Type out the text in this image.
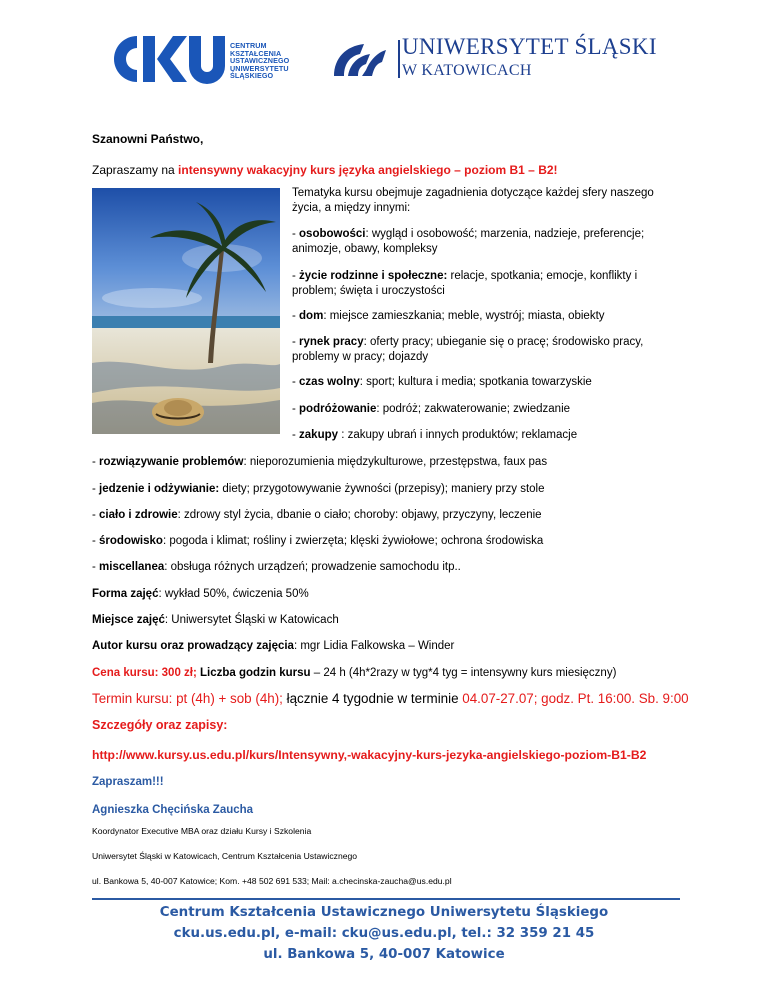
CENTRUM
KSZTAŁCENIA
USTAWICZNEGO
UNIWERSYTETU
ŚLĄSKIEGO
UNIWERSYTET ŚLĄSKI
W KATOWICACH
Szanowni Państwo,
Zapraszamy na intensywny wakacyjny kurs języka angielskiego – poziom B1 – B2!
Tematyka kursu obejmuje zagadnienia dotyczące każdej sfery naszego życia, a między innymi:
- osobowości: wygląd i osobowość; marzenia, nadzieje, preferencje; animozje, obawy, kompleksy
- życie rodzinne i społeczne: relacje, spotkania; emocje, konflikty i problem; święta i uroczystości
- dom: miejsce zamieszkania; meble, wystrój; miasta, obiekty
- rynek pracy: oferty pracy; ubieganie się o pracę; środowisko pracy, problemy w pracy; dojazdy
- czas wolny: sport; kultura i media; spotkania towarzyskie
- podróżowanie: podróż; zakwaterowanie; zwiedzanie
- zakupy : zakupy ubrań i innych produktów; reklamacje
- rozwiązywanie problemów: nieporozumienia międzykulturowe, przestępstwa, faux pas
- jedzenie i odżywianie: diety; przygotowywanie żywności (przepisy); maniery przy stole
- ciało i zdrowie: zdrowy styl życia, dbanie o ciało; choroby: objawy, przyczyny, leczenie
- środowisko: pogoda i klimat; rośliny i zwierzęta; klęski żywiołowe; ochrona środowiska
- miscellanea: obsługa różnych urządzeń; prowadzenie samochodu itp..
Forma zajęć: wykład 50%, ćwiczenia 50%
Miejsce zajęć: Uniwersytet Śląski w Katowicach
Autor kursu oraz prowadzący zajęcia: mgr Lidia Falkowska – Winder
Cena kursu: 300 zł; Liczba godzin kursu – 24 h (4h*2razy w tyg*4 tyg = intensywny kurs miesięczny)
Termin kursu: pt (4h) + sob (4h); łącznie 4 tygodnie w terminie 04.07-27.07; godz. Pt. 16:00. Sb. 9:00
Szczegóły oraz zapisy:
http://www.kursy.us.edu.pl/kurs/Intensywny,-wakacyjny-kurs-jezyka-angielskiego-poziom-B1-B2
Zapraszam!!!
Agnieszka Chęcińska Zaucha
Koordynator Executive MBA oraz działu Kursy i Szkolenia
Uniwersytet Śląski w Katowicach, Centrum Kształcenia Ustawicznego
ul. Bankowa 5, 40-007 Katowice; Kom. +48 502 691 533; Mail: a.checinska-zaucha@us.edu.pl
Centrum Kształcenia Ustawicznego Uniwersytetu Śląskiego
cku.us.edu.pl, e-mail: cku@us.edu.pl, tel.: 32 359 21 45
ul. Bankowa 5, 40-007 Katowice
